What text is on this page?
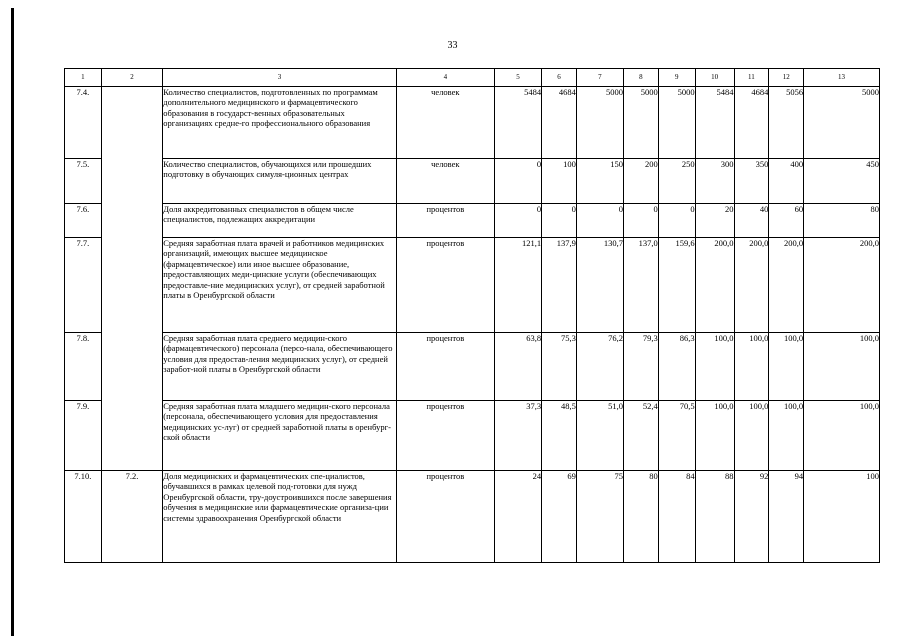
33
1	2	3	4	5	6	7	8	9	10	11	12	13
7.4.		Количество специалистов, подготовленных по программам дополнительного медицинского и фармацевтического образования в государст-венных образовательных организациях средне-го профессионального образования	человек	5484	4684	5000	5000	5000	5484	4684	5056	5000
7.5.		Количество специалистов, обучающихся или прошедших подготовку в обучающих симуля-ционных центрах	человек	0	100	150	200	250	300	350	400	450
7.6.		Доля аккредитованных специалистов в общем числе специалистов, подлежащих аккредитации	процентов	0	0	0	0	0	20	40	60	80
7.7.		Средняя заработная плата врачей и работников медицинских организаций, имеющих высшее медицинское (фармацевтическое) или иное высшее образование, предоставляющих меди-цинские услуги (обеспечивающих предоставле-ние медицинских услуг), от средней заработной платы в Оренбургской области	процентов	121,1	137,9	130,7	137,0	159,6	200,0	200,0	200,0	200,0
7.8.		Средняя заработная плата среднего медицин-ского (фармацевтического) персонала (персо-нала, обеспечивающего условия для предостав-ления медицинских услуг), от средней заработ-ной платы в Оренбургской области	процентов	63,8	75,3	76,2	79,3	86,3	100,0	100,0	100,0	100,0
7.9.		Средняя заработная плата младшего медицин-ского персонала (персонала, обеспечивающего условия для предоставления медицинских ус-луг) от средней заработной платы в оренбург-ской области	процентов	37,3	48,5	51,0	52,4	70,5	100,0	100,0	100,0	100,0
7.10.	7.2.	Доля медицинских и фармацевтических спе-циалистов, обучавшихся в рамках целевой под-готовки для нужд Оренбургской области, тру-доустроившихся после завершения обучения в медицинские или фармацевтические организа-ции системы здравоохранения Оренбургской области	процентов	24	69	75	80	84	88	92	94	100
